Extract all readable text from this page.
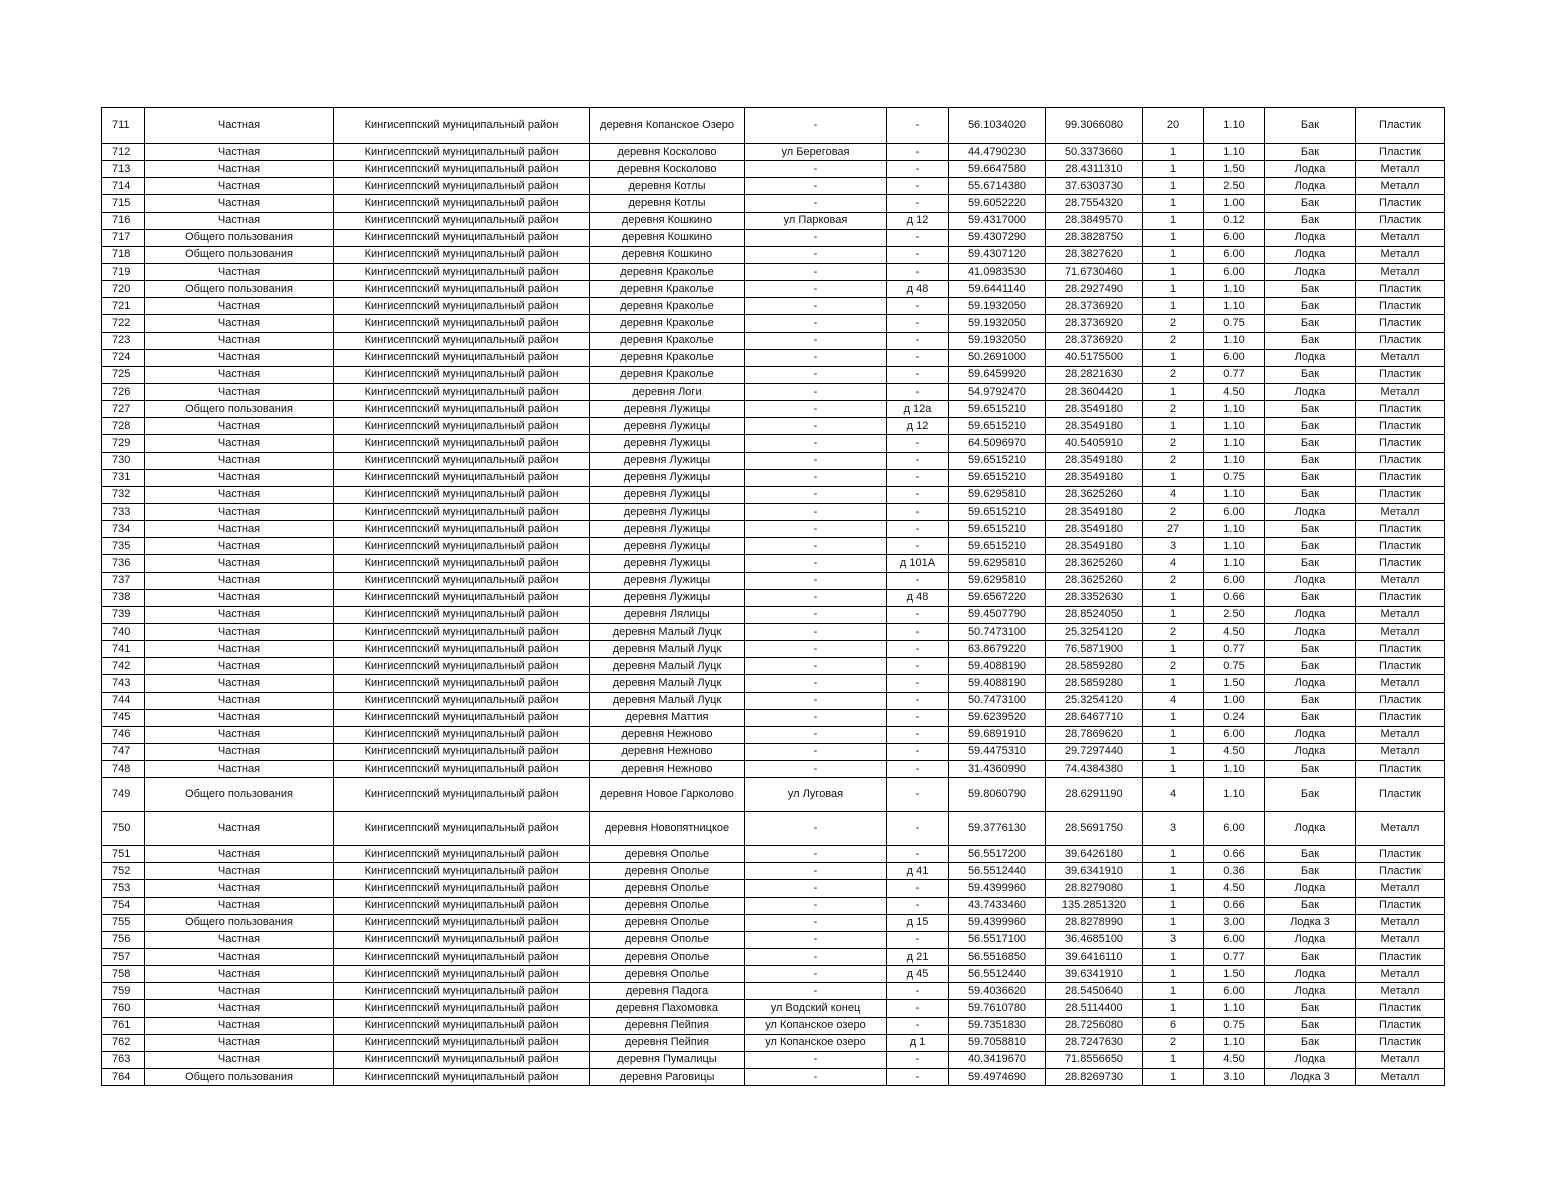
711	Частная	Кингисеппский муниципальный район	деревня Копанское Озеро	-	-	56.1034020	99.3066080	20	1.10	Бак	Пластик
712	Частная	Кингисеппский муниципальный район	деревня Косколово	ул Береговая	-	44.4790230	50.3373660	1	1.10	Бак	Пластик
713	Частная	Кингисеппский муниципальный район	деревня Косколово	-	-	59.6647580	28.4311310	1	1.50	Лодка	Металл
714	Частная	Кингисеппский муниципальный район	деревня Котлы	-	-	55.6714380	37.6303730	1	2.50	Лодка	Металл
715	Частная	Кингисеппский муниципальный район	деревня Котлы	-	-	59.6052220	28.7554320	1	1.00	Бак	Пластик
716	Частная	Кингисеппский муниципальный район	деревня Кошкино	ул Парковая	д 12	59.4317000	28.3849570	1	0.12	Бак	Пластик
717	Общего пользования	Кингисеппский муниципальный район	деревня Кошкино	-	-	59.4307290	28.3828750	1	6.00	Лодка	Металл
718	Общего пользования	Кингисеппский муниципальный район	деревня Кошкино	-	-	59.4307120	28.3827620	1	6.00	Лодка	Металл
719	Частная	Кингисеппский муниципальный район	деревня Кракольe	-	-	41.0983530	71.6730460	1	6.00	Лодка	Металл
720	Общего пользования	Кингисеппский муниципальный район	деревня Кракольe	-	д 48	59.6441140	28.2927490	1	1.10	Бак	Пластик
721	Частная	Кингисеппский муниципальный район	деревня Кракольe	-	-	59.1932050	28.3736920	1	1.10	Бак	Пластик
722	Частная	Кингисеппский муниципальный район	деревня Кракольe	-	-	59.1932050	28.3736920	2	0.75	Бак	Пластик
723	Частная	Кингисеппский муниципальный район	деревня Кракольe	-	-	59.1932050	28.3736920	2	1.10	Бак	Пластик
724	Частная	Кингисеппский муниципальный район	деревня Кракольe	-	-	50.2691000	40.5175500	1	6.00	Лодка	Металл
725	Частная	Кингисеппский муниципальный район	деревня Кракольe	-	-	59.6459920	28.2821630	2	0.77	Бак	Пластик
726	Частная	Кингисеппский муниципальный район	деревня Логи	-	-	54.9792470	28.3604420	1	4.50	Лодка	Металл
727	Общего пользования	Кингисеппский муниципальный район	деревня Лужицы	-	д 12а	59.6515210	28.3549180	2	1.10	Бак	Пластик
728	Частная	Кингисеппский муниципальный район	деревня Лужицы	-	д 12	59.6515210	28.3549180	1	1.10	Бак	Пластик
729	Частная	Кингисеппский муниципальный район	деревня Лужицы	-	-	64.5096970	40.5405910	2	1.10	Бак	Пластик
730	Частная	Кингисеппский муниципальный район	деревня Лужицы	-	-	59.6515210	28.3549180	2	1.10	Бак	Пластик
731	Частная	Кингисеппский муниципальный район	деревня Лужицы	-	-	59.6515210	28.3549180	1	0.75	Бак	Пластик
732	Частная	Кингисеппский муниципальный район	деревня Лужицы	-	-	59.6295810	28.3625260	4	1.10	Бак	Пластик
733	Частная	Кингисеппский муниципальный район	деревня Лужицы	-	-	59.6515210	28.3549180	2	6.00	Лодка	Металл
734	Частная	Кингисеппский муниципальный район	деревня Лужицы	-	-	59.6515210	28.3549180	27	1.10	Бак	Пластик
735	Частная	Кингисеппский муниципальный район	деревня Лужицы	-	-	59.6515210	28.3549180	3	1.10	Бак	Пластик
736	Частная	Кингисеппский муниципальный район	деревня Лужицы	-	д 101А	59.6295810	28.3625260	4	1.10	Бак	Пластик
737	Частная	Кингисеппский муниципальный район	деревня Лужицы	-	-	59.6295810	28.3625260	2	6.00	Лодка	Металл
738	Частная	Кингисеппский муниципальный район	деревня Лужицы	-	д 48	59.6567220	28.3352630	1	0.66	Бак	Пластик
739	Частная	Кингисеппский муниципальный район	деревня Лялицы	-	-	59.4507790	28.8524050	1	2.50	Лодка	Металл
740	Частная	Кингисеппский муниципальный район	деревня Малый Луцк	-	-	50.7473100	25.3254120	2	4.50	Лодка	Металл
741	Частная	Кингисеппский муниципальный район	деревня Малый Луцк	-	-	63.8679220	76.5871900	1	0.77	Бак	Пластик
742	Частная	Кингисеппский муниципальный район	деревня Малый Луцк	-	-	59.4088190	28.5859280	2	0.75	Бак	Пластик
743	Частная	Кингисеппский муниципальный район	деревня Малый Луцк	-	-	59.4088190	28.5859280	1	1.50	Лодка	Металл
744	Частная	Кингисеппский муниципальный район	деревня Малый Луцк	-	-	50.7473100	25.3254120	4	1.00	Бак	Пластик
745	Частная	Кингисеппский муниципальный район	деревня Маттия	-	-	59.6239520	28.6467710	1	0.24	Бак	Пластик
746	Частная	Кингисеппский муниципальный район	деревня Нежново	-	-	59.6891910	28.7869620	1	6.00	Лодка	Металл
747	Частная	Кингисеппский муниципальный район	деревня Нежново	-	-	59.4475310	29.7297440	1	4.50	Лодка	Металл
748	Частная	Кингисеппский муниципальный район	деревня Нежново	-	-	31.4360990	74.4384380	1	1.10	Бак	Пластик
749	Общего пользования	Кингисеппский муниципальный район	деревня Новое Гарколово	ул Луговая	-	59.8060790	28.6291190	4	1.10	Бак	Пластик
750	Частная	Кингисеппский муниципальный район	деревня Новопятницкое	-	-	59.3776130	28.5691750	3	6.00	Лодка	Металл
751	Частная	Кингисеппский муниципальный район	деревня Ополье	-	-	56.5517200	39.6426180	1	0.66	Бак	Пластик
752	Частная	Кингисеппский муниципальный район	деревня Ополье	-	д 41	56.5512440	39.6341910	1	0.36	Бак	Пластик
753	Частная	Кингисеппский муниципальный район	деревня Ополье	-	-	59.4399960	28.8279080	1	4.50	Лодка	Металл
754	Частная	Кингисеппский муниципальный район	деревня Ополье	-	-	43.7433460	135.2851320	1	0.66	Бак	Пластик
755	Общего пользования	Кингисеппский муниципальный район	деревня Ополье	-	д 15	59.4399960	28.8278990	1	3.00	Лодка 3	Металл
756	Частная	Кингисеппский муниципальный район	деревня Ополье	-	-	56.5517100	36.4685100	3	6.00	Лодка	Металл
757	Частная	Кингисеппский муниципальный район	деревня Ополье	-	д 21	56.5516850	39.6416110	1	0.77	Бак	Пластик
758	Частная	Кингисеппский муниципальный район	деревня Ополье	-	д 45	56.5512440	39.6341910	1	1.50	Лодка	Металл
759	Частная	Кингисеппский муниципальный район	деревня Падога	-	-	59.4036620	28.5450640	1	6.00	Лодка	Металл
760	Частная	Кингисеппский муниципальный район	деревня Пахомовка	ул Водский конец	-	59.7610780	28.5114400	1	1.10	Бак	Пластик
761	Частная	Кингисеппский муниципальный район	деревня Пейпия	ул Копанское озеро	-	59.7351830	28.7256080	6	0.75	Бак	Пластик
762	Частная	Кингисеппский муниципальный район	деревня Пейпия	ул Копанское озеро	д 1	59.7058810	28.7247630	2	1.10	Бак	Пластик
763	Частная	Кингисеппский муниципальный район	деревня Пумалицы	-	-	40.3419670	71.8556650	1	4.50	Лодка	Металл
764	Общего пользования	Кингисеппский муниципальный район	деревня Раговицы	-	-	59.4974690	28.8269730	1	3.10	Лодка 3	Металл
